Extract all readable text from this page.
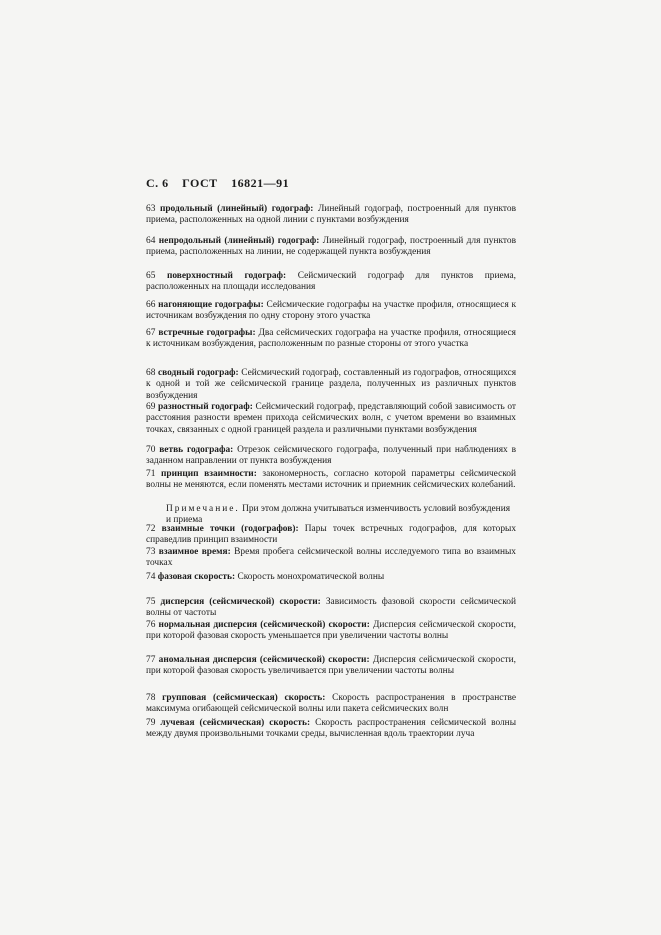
С. 6 ГОСТ 16821—91
63 продольный (линейный) годограф: Линейный годограф, построенный для пунктов приема, расположенных на одной линии с пунктами возбуждения
64 непродольный (линейный) годограф: Линейный годограф, построенный для пунктов приема, расположенных на линии, не содержащей пункта возбуждения
65 поверхностный годограф: Сейсмический годограф для пунктов приема, расположенных на площади исследования
66 нагоняющие годографы: Сейсмические годографы на участке профиля, относящиеся к источникам возбуждения по одну сторону этого участка
67 встречные годографы: Два сейсмических годографа на участке профиля, относящиеся к источникам возбуждения, расположенным по разные стороны от этого участка
68 сводный годограф: Сейсмический годограф, составленный из годографов, относящихся к одной и той же сейсмической границе раздела, полученных из различных пунктов возбуждения
69 разностный годограф: Сейсмический годограф, представляющий собой зависимость от расстояния разности времен прихода сейсмических волн, с учетом времени во взаимных точках, связанных с одной границей раздела и различными пунктами возбуждения
70 ветвь годографа: Отрезок сейсмического годографа, полученный при наблюдениях в заданном направлении от пункта возбуждения
71 принцип взаимности: закономерность, согласно которой параметры сейсмической волны не меняются, если поменять местами источник и приемник сейсмических колебаний.
Примечание. При этом должна учитываться изменчивость условий возбуждения и приема
72 взаимные точки (годографов): Пары точек встречных годографов, для которых справедлив принцип взаимности
73 взаимное время: Время пробега сейсмической волны исследуемого типа во взаимных точках
74 фазовая скорость: Скорость монохроматической волны
75 дисперсия (сейсмической) скорости: Зависимость фазовой скорости сейсмической волны от частоты
76 нормальная дисперсия (сейсмической) скорости: Дисперсия сейсмической скорости, при которой фазовая скорость уменьшается при увеличении частоты волны
77 аномальная дисперсия (сейсмической) скорости: Дисперсия сейсмической скорости, при которой фазовая скорость увеличивается при увеличении частоты волны
78 групповая (сейсмическая) скорость: Скорость распространения в пространстве максимума огибающей сейсмической волны или пакета сейсмических волн
79 лучевая (сейсмическая) скорость: Скорость распространения сейсмической волны между двумя произвольными точками среды, вычисленная вдоль траектории луча
